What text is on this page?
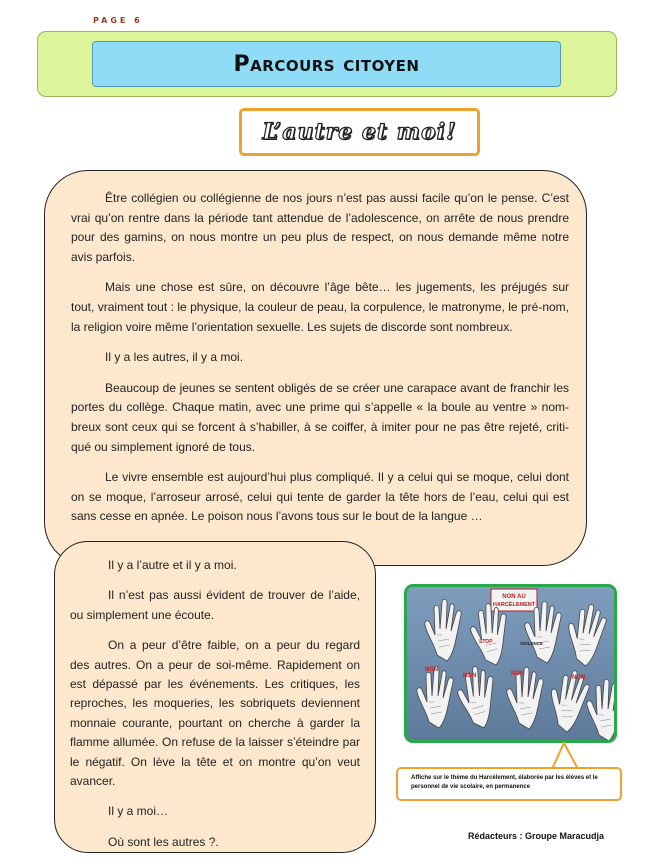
PAGE 6
Parcours citoyen
L’autre et moi!

Être collégien ou collégienne de nos jours n’est pas aussi facile qu’on le pense. C’est vrai qu’on rentre dans la période tant attendue de l’adolescence, on arrête de nous prendre pour des gamins, on nous montre un peu plus de respect, on nous demande même notre avis parfois.

Mais une chose est sûre, on découvre l’âge bête… les jugements, les préjugés sur tout, vraiment tout : le physique, la couleur de peau, la corpulence, le matronyme, le pré-nom, la religion voire même l’orientation sexuelle. Les sujets de discorde sont nombreux.

Il y a les autres, il y a moi.

Beaucoup de jeunes se sentent obligés de se créer une carapace avant de franchir les portes du collège. Chaque matin, avec une prime qui s’appelle « la boule au ventre » nom-breux sont ceux qui se forcent à s’habiller, à se coiffer, à imiter pour ne pas être rejeté, criti-qué ou simplement ignoré de tous.

Le vivre ensemble est aujourd’hui plus compliqué. Il y a celui qui se moque, celui dont on se moque, l’arroseur arrosé, celui qui tente de garder la tête hors de l’eau, celui qui est sans cesse en apnée. Le poison nous l’avons tous sur le bout de la langue …

Il y a l’autre et il y a moi.

Il n’est pas aussi évident de trouver de l’aide, ou simplement une écoute.

On a peur d’être faible, on a peur du regard des autres. On a peur de soi-même. Rapidement on est dépassé par les événements. Les critiques, les reproches, les moqueries, les sobriquets deviennent monnaie courante, pourtant on cherche à garder la flamme allumée. On refuse de la laisser s’éteindre par le négatif. On lève la tête et on montre qu’on veut avancer.

Il y a moi…

Où sont les autres ?.

NON AU
HARCÈLEMENT
NON
NON	NON
NON
STOP	VIOLENCE
Affiche sur le thème du Harcèlement, élaborée par les élèves et le personnel de vie scolaire, en permanence
Rédacteurs : Groupe Maracudja
